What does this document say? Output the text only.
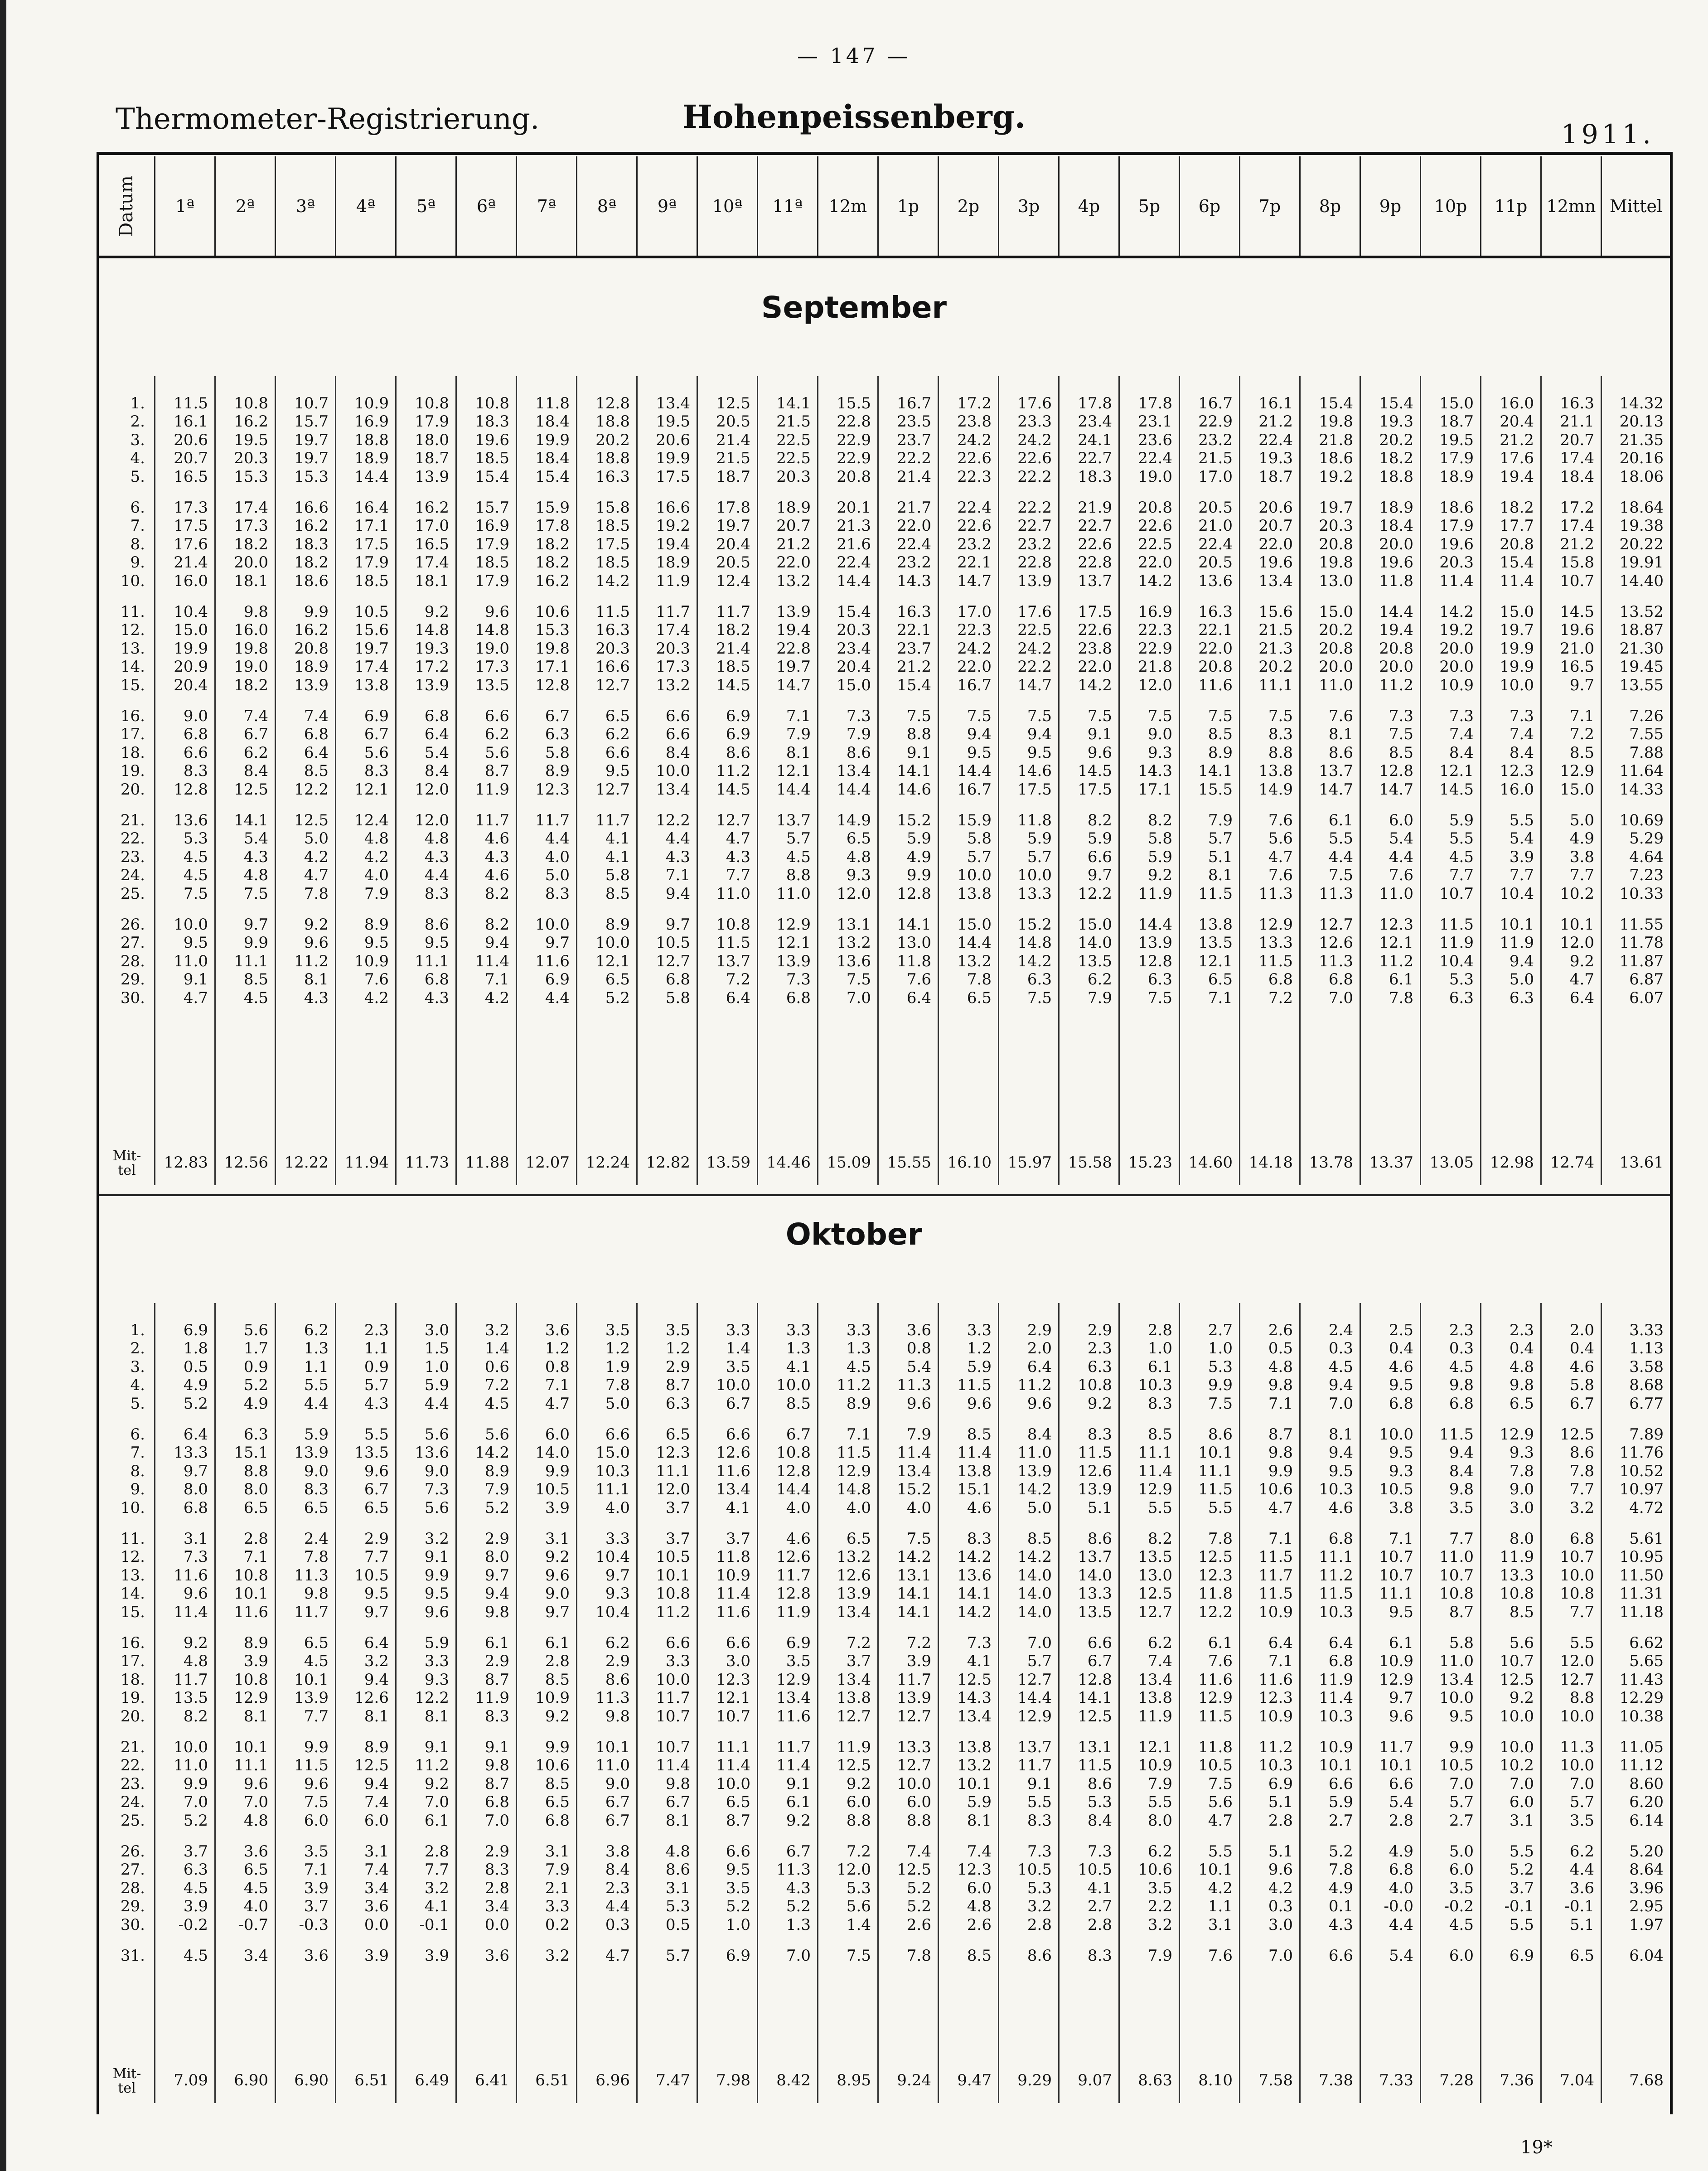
— 147 —
Thermometer-Registrierung.	Hohenpeissenberg.	1911.
Datum 1ª 2ª 3ª 4ª 5ª 6ª 7ª 8ª 9ª 10ª 11ª 12m 1p 2p 3p 4p 5p 6p 7p 8p 9p 10p 11p 12mn Mittel
September
1.	11.5	10.8	10.7	10.9	10.8	10.8	11.8	12.8	13.4	12.5	14.1	15.5	16.7	17.2	17.6	17.8	17.8	16.7	16.1	15.4	15.4	15.0	16.0	16.3	14.32
2.	16.1	16.2	15.7	16.9	17.9	18.3	18.4	18.8	19.5	20.5	21.5	22.8	23.5	23.8	23.3	23.4	23.1	22.9	21.2	19.8	19.3	18.7	20.4	21.1	20.13
3.	20.6	19.5	19.7	18.8	18.0	19.6	19.9	20.2	20.6	21.4	22.5	22.9	23.7	24.2	24.2	24.1	23.6	23.2	22.4	21.8	20.2	19.5	21.2	20.7	21.35
4.	20.7	20.3	19.7	18.9	18.7	18.5	18.4	18.8	19.9	21.5	22.5	22.9	22.2	22.6	22.6	22.7	22.4	21.5	19.3	18.6	18.2	17.9	17.6	17.4	20.16
5.	16.5	15.3	15.3	14.4	13.9	15.4	15.4	16.3	17.5	18.7	20.3	20.8	21.4	22.3	22.2	18.3	19.0	17.0	18.7	19.2	18.8	18.9	19.4	18.4	18.06
6.	17.3	17.4	16.6	16.4	16.2	15.7	15.9	15.8	16.6	17.8	18.9	20.1	21.7	22.4	22.2	21.9	20.8	20.5	20.6	19.7	18.9	18.6	18.2	17.2	18.64
7.	17.5	17.3	16.2	17.1	17.0	16.9	17.8	18.5	19.2	19.7	20.7	21.3	22.0	22.6	22.7	22.7	22.6	21.0	20.7	20.3	18.4	17.9	17.7	17.4	19.38
8.	17.6	18.2	18.3	17.5	16.5	17.9	18.2	17.5	19.4	20.4	21.2	21.6	22.4	23.2	23.2	22.6	22.5	22.4	22.0	20.8	20.0	19.6	20.8	21.2	20.22
9.	21.4	20.0	18.2	17.9	17.4	18.5	18.2	18.5	18.9	20.5	22.0	22.4	23.2	22.1	22.8	22.8	22.0	20.5	19.6	19.8	19.6	20.3	15.4	15.8	19.91
10.	16.0	18.1	18.6	18.5	18.1	17.9	16.2	14.2	11.9	12.4	13.2	14.4	14.3	14.7	13.9	13.7	14.2	13.6	13.4	13.0	11.8	11.4	11.4	10.7	14.40
11.	10.4	9.8	9.9	10.5	9.2	9.6	10.6	11.5	11.7	11.7	13.9	15.4	16.3	17.0	17.6	17.5	16.9	16.3	15.6	15.0	14.4	14.2	15.0	14.5	13.52
12.	15.0	16.0	16.2	15.6	14.8	14.8	15.3	16.3	17.4	18.2	19.4	20.3	22.1	22.3	22.5	22.6	22.3	22.1	21.5	20.2	19.4	19.2	19.7	19.6	18.87
13.	19.9	19.8	20.8	19.7	19.3	19.0	19.8	20.3	20.3	21.4	22.8	23.4	23.7	24.2	24.2	23.8	22.9	22.0	21.3	20.8	20.8	20.0	19.9	21.0	21.30
14.	20.9	19.0	18.9	17.4	17.2	17.3	17.1	16.6	17.3	18.5	19.7	20.4	21.2	22.0	22.2	22.0	21.8	20.8	20.2	20.0	20.0	20.0	19.9	16.5	19.45
15.	20.4	18.2	13.9	13.8	13.9	13.5	12.8	12.7	13.2	14.5	14.7	15.0	15.4	16.7	14.7	14.2	12.0	11.6	11.1	11.0	11.2	10.9	10.0	9.7	13.55
16.	9.0	7.4	7.4	6.9	6.8	6.6	6.7	6.5	6.6	6.9	7.1	7.3	7.5	7.5	7.5	7.5	7.5	7.5	7.5	7.6	7.3	7.3	7.3	7.1	7.26
17.	6.8	6.7	6.8	6.7	6.4	6.2	6.3	6.2	6.6	6.9	7.9	7.9	8.8	9.4	9.4	9.1	9.0	8.5	8.3	8.1	7.5	7.4	7.4	7.2	7.55
18.	6.6	6.2	6.4	5.6	5.4	5.6	5.8	6.6	8.4	8.6	8.1	8.6	9.1	9.5	9.5	9.6	9.3	8.9	8.8	8.6	8.5	8.4	8.4	8.5	7.88
19.	8.3	8.4	8.5	8.3	8.4	8.7	8.9	9.5	10.0	11.2	12.1	13.4	14.1	14.4	14.6	14.5	14.3	14.1	13.8	13.7	12.8	12.1	12.3	12.9	11.64
20.	12.8	12.5	12.2	12.1	12.0	11.9	12.3	12.7	13.4	14.5	14.4	14.4	14.6	16.7	17.5	17.5	17.1	15.5	14.9	14.7	14.7	14.5	16.0	15.0	14.33
21.	13.6	14.1	12.5	12.4	12.0	11.7	11.7	11.7	12.2	12.7	13.7	14.9	15.2	15.9	11.8	8.2	8.2	7.9	7.6	6.1	6.0	5.9	5.5	5.0	10.69
22.	5.3	5.4	5.0	4.8	4.8	4.6	4.4	4.1	4.4	4.7	5.7	6.5	5.9	5.8	5.9	5.9	5.8	5.7	5.6	5.5	5.4	5.5	5.4	4.9	5.29
23.	4.5	4.3	4.2	4.2	4.3	4.3	4.0	4.1	4.3	4.3	4.5	4.8	4.9	5.7	5.7	6.6	5.9	5.1	4.7	4.4	4.4	4.5	3.9	3.8	4.64
24.	4.5	4.8	4.7	4.0	4.4	4.6	5.0	5.8	7.1	7.7	8.8	9.3	9.9	10.0	10.0	9.7	9.2	8.1	7.6	7.5	7.6	7.7	7.7	7.7	7.23
25.	7.5	7.5	7.8	7.9	8.3	8.2	8.3	8.5	9.4	11.0	11.0	12.0	12.8	13.8	13.3	12.2	11.9	11.5	11.3	11.3	11.0	10.7	10.4	10.2	10.33
26.	10.0	9.7	9.2	8.9	8.6	8.2	10.0	8.9	9.7	10.8	12.9	13.1	14.1	15.0	15.2	15.0	14.4	13.8	12.9	12.7	12.3	11.5	10.1	10.1	11.55
27.	9.5	9.9	9.6	9.5	9.5	9.4	9.7	10.0	10.5	11.5	12.1	13.2	13.0	14.4	14.8	14.0	13.9	13.5	13.3	12.6	12.1	11.9	11.9	12.0	11.78
28.	11.0	11.1	11.2	10.9	11.1	11.4	11.6	12.1	12.7	13.7	13.9	13.6	11.8	13.2	14.2	13.5	12.8	12.1	11.5	11.3	11.2	10.4	9.4	9.2	11.87
29.	9.1	8.5	8.1	7.6	6.8	7.1	6.9	6.5	6.8	7.2	7.3	7.5	7.6	7.8	6.3	6.2	6.3	6.5	6.8	6.8	6.1	5.3	5.0	4.7	6.87
30.	4.7	4.5	4.3	4.2	4.3	4.2	4.4	5.2	5.8	6.4	6.8	7.0	6.4	6.5	7.5	7.9	7.5	7.1	7.2	7.0	7.8	6.3	6.3	6.4	6.07
Mit-
tel	12.83	12.56	12.22	11.94	11.73	11.88	12.07	12.24	12.82	13.59	14.46	15.09	15.55	16.10	15.97	15.58	15.23	14.60	14.18	13.78	13.37	13.05	12.98	12.74	13.61
Oktober
1.	6.9	5.6	6.2	2.3	3.0	3.2	3.6	3.5	3.5	3.3	3.3	3.3	3.6	3.3	2.9	2.9	2.8	2.7	2.6	2.4	2.5	2.3	2.3	2.0	3.33
2.	1.8	1.7	1.3	1.1	1.5	1.4	1.2	1.2	1.2	1.4	1.3	1.3	0.8	1.2	2.0	2.3	1.0	1.0	0.5	0.3	0.4	0.3	0.4	0.4	1.13
3.	0.5	0.9	1.1	0.9	1.0	0.6	0.8	1.9	2.9	3.5	4.1	4.5	5.4	5.9	6.4	6.3	6.1	5.3	4.8	4.5	4.6	4.5	4.8	4.6	3.58
4.	4.9	5.2	5.5	5.7	5.9	7.2	7.1	7.8	8.7	10.0	10.0	11.2	11.3	11.5	11.2	10.8	10.3	9.9	9.8	9.4	9.5	9.8	9.8	5.8	8.68
5.	5.2	4.9	4.4	4.3	4.4	4.5	4.7	5.0	6.3	6.7	8.5	8.9	9.6	9.6	9.6	9.2	8.3	7.5	7.1	7.0	6.8	6.8	6.5	6.7	6.77
6.	6.4	6.3	5.9	5.5	5.6	5.6	6.0	6.6	6.5	6.6	6.7	7.1	7.9	8.5	8.4	8.3	8.5	8.6	8.7	8.1	10.0	11.5	12.9	12.5	7.89
7.	13.3	15.1	13.9	13.5	13.6	14.2	14.0	15.0	12.3	12.6	10.8	11.5	11.4	11.4	11.0	11.5	11.1	10.1	9.8	9.4	9.5	9.4	9.3	8.6	11.76
8.	9.7	8.8	9.0	9.6	9.0	8.9	9.9	10.3	11.1	11.6	12.8	12.9	13.4	13.8	13.9	12.6	11.4	11.1	9.9	9.5	9.3	8.4	7.8	7.8	10.52
9.	8.0	8.0	8.3	6.7	7.3	7.9	10.5	11.1	12.0	13.4	14.4	14.8	15.2	15.1	14.2	13.9	12.9	11.5	10.6	10.3	10.5	9.8	9.0	7.7	10.97
10.	6.8	6.5	6.5	6.5	5.6	5.2	3.9	4.0	3.7	4.1	4.0	4.0	4.0	4.6	5.0	5.1	5.5	5.5	4.7	4.6	3.8	3.5	3.0	3.2	4.72
11.	3.1	2.8	2.4	2.9	3.2	2.9	3.1	3.3	3.7	3.7	4.6	6.5	7.5	8.3	8.5	8.6	8.2	7.8	7.1	6.8	7.1	7.7	8.0	6.8	5.61
12.	7.3	7.1	7.8	7.7	9.1	8.0	9.2	10.4	10.5	11.8	12.6	13.2	14.2	14.2	14.2	13.7	13.5	12.5	11.5	11.1	10.7	11.0	11.9	10.7	10.95
13.	11.6	10.8	11.3	10.5	9.9	9.7	9.6	9.7	10.1	10.9	11.7	12.6	13.1	13.6	14.0	14.0	13.0	12.3	11.7	11.2	10.7	10.7	13.3	10.0	11.50
14.	9.6	10.1	9.8	9.5	9.5	9.4	9.0	9.3	10.8	11.4	12.8	13.9	14.1	14.1	14.0	13.3	12.5	11.8	11.5	11.5	11.1	10.8	10.8	10.8	11.31
15.	11.4	11.6	11.7	9.7	9.6	9.8	9.7	10.4	11.2	11.6	11.9	13.4	14.1	14.2	14.0	13.5	12.7	12.2	10.9	10.3	9.5	8.7	8.5	7.7	11.18
16.	9.2	8.9	6.5	6.4	5.9	6.1	6.1	6.2	6.6	6.6	6.9	7.2	7.2	7.3	7.0	6.6	6.2	6.1	6.4	6.4	6.1	5.8	5.6	5.5	6.62
17.	4.8	3.9	4.5	3.2	3.3	2.9	2.8	2.9	3.3	3.0	3.5	3.7	3.9	4.1	5.7	6.7	7.4	7.6	7.1	6.8	10.9	11.0	10.7	12.0	5.65
18.	11.7	10.8	10.1	9.4	9.3	8.7	8.5	8.6	10.0	12.3	12.9	13.4	11.7	12.5	12.7	12.8	13.4	11.6	11.6	11.9	12.9	13.4	12.5	12.7	11.43
19.	13.5	12.9	13.9	12.6	12.2	11.9	10.9	11.3	11.7	12.1	13.4	13.8	13.9	14.3	14.4	14.1	13.8	12.9	12.3	11.4	9.7	10.0	9.2	8.8	12.29
20.	8.2	8.1	7.7	8.1	8.1	8.3	9.2	9.8	10.7	10.7	11.6	12.7	12.7	13.4	12.9	12.5	11.9	11.5	10.9	10.3	9.6	9.5	10.0	10.0	10.38
21.	10.0	10.1	9.9	8.9	9.1	9.1	9.9	10.1	10.7	11.1	11.7	11.9	13.3	13.8	13.7	13.1	12.1	11.8	11.2	10.9	11.7	9.9	10.0	11.3	11.05
22.	11.0	11.1	11.5	12.5	11.2	9.8	10.6	11.0	11.4	11.4	11.4	12.5	12.7	13.2	11.7	11.5	10.9	10.5	10.3	10.1	10.1	10.5	10.2	10.0	11.12
23.	9.9	9.6	9.6	9.4	9.2	8.7	8.5	9.0	9.8	10.0	9.1	9.2	10.0	10.1	9.1	8.6	7.9	7.5	6.9	6.6	6.6	7.0	7.0	7.0	8.60
24.	7.0	7.0	7.5	7.4	7.0	6.8	6.5	6.7	6.7	6.5	6.1	6.0	6.0	5.9	5.5	5.3	5.5	5.6	5.1	5.9	5.4	5.7	6.0	5.7	6.20
25.	5.2	4.8	6.0	6.0	6.1	7.0	6.8	6.7	8.1	8.7	9.2	8.8	8.8	8.1	8.3	8.4	8.0	4.7	2.8	2.7	2.8	2.7	3.1	3.5	6.14
26.	3.7	3.6	3.5	3.1	2.8	2.9	3.1	3.8	4.8	6.6	6.7	7.2	7.4	7.4	7.3	7.3	6.2	5.5	5.1	5.2	4.9	5.0	5.5	6.2	5.20
27.	6.3	6.5	7.1	7.4	7.7	8.3	7.9	8.4	8.6	9.5	11.3	12.0	12.5	12.3	10.5	10.5	10.6	10.1	9.6	7.8	6.8	6.0	5.2	4.4	8.64
28.	4.5	4.5	3.9	3.4	3.2	2.8	2.1	2.3	3.1	3.5	4.3	5.3	5.2	6.0	5.3	4.1	3.5	4.2	4.2	4.9	4.0	3.5	3.7	3.6	3.96
29.	3.9	4.0	3.7	3.6	4.1	3.4	3.3	4.4	5.3	5.2	5.2	5.6	5.2	4.8	3.2	2.7	2.2	1.1	0.3	0.1	-0.0	-0.2	-0.1	-0.1	2.95
30.	-0.2	-0.7	-0.3	0.0	-0.1	0.0	0.2	0.3	0.5	1.0	1.3	1.4	2.6	2.6	2.8	2.8	3.2	3.1	3.0	4.3	4.4	4.5	5.5	5.1	1.97
31.	4.5	3.4	3.6	3.9	3.9	3.6	3.2	4.7	5.7	6.9	7.0	7.5	7.8	8.5	8.6	8.3	7.9	7.6	7.0	6.6	5.4	6.0	6.9	6.5	6.04
Mit-
tel	7.09	6.90	6.90	6.51	6.49	6.41	6.51	6.96	7.47	7.98	8.42	8.95	9.24	9.47	9.29	9.07	8.63	8.10	7.58	7.38	7.33	7.28	7.36	7.04	7.68
19*
